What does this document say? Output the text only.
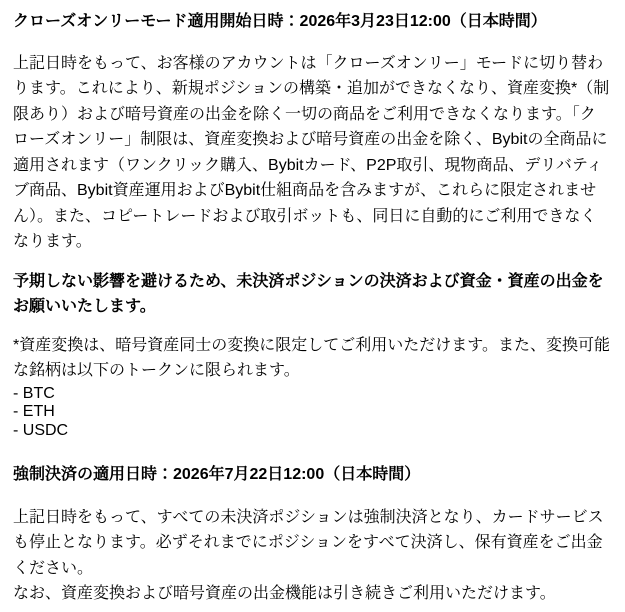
クローズオンリーモード適用開始日時：2026年3月23日12:00（日本時間）

上記日時をもって、お客様のアカウントは「クローズオンリー」モードに切り替わります。これにより、新規ポジションの構築・追加ができなくなり、資産変換*（制限あり）および暗号資産の出金を除く一切の商品をご利用できなくなります。「クローズオンリー」制限は、資産変換および暗号資産の出金を除く、Bybitの全商品に適用されます（ワンクリック購入、Bybitカード、P2P取引、現物商品、デリバティブ商品、Bybit資産運用およびBybit仕組商品を含みますが、これらに限定されません）。また、コピートレードおよび取引ボットも、同日に自動的にご利用できなくなります。

予期しない影響を避けるため、未決済ポジションの決済および資金・資産の出金をお願いいたします。

*資産変換は、暗号資産同士の変換に限定してご利用いただけます。また、変換可能な銘柄は以下のトークンに限られます。

- BTC
- ETH
- USDC
強制決済の適用日時：2026年7月22日12:00（日本時間）

上記日時をもって、すべての未決済ポジションは強制決済となり、カードサービスも停止となります。必ずそれまでにポジションをすべて決済し、保有資産をご出金ください。
なお、資産変換および暗号資産の出金機能は引き続きご利用いただけます。
